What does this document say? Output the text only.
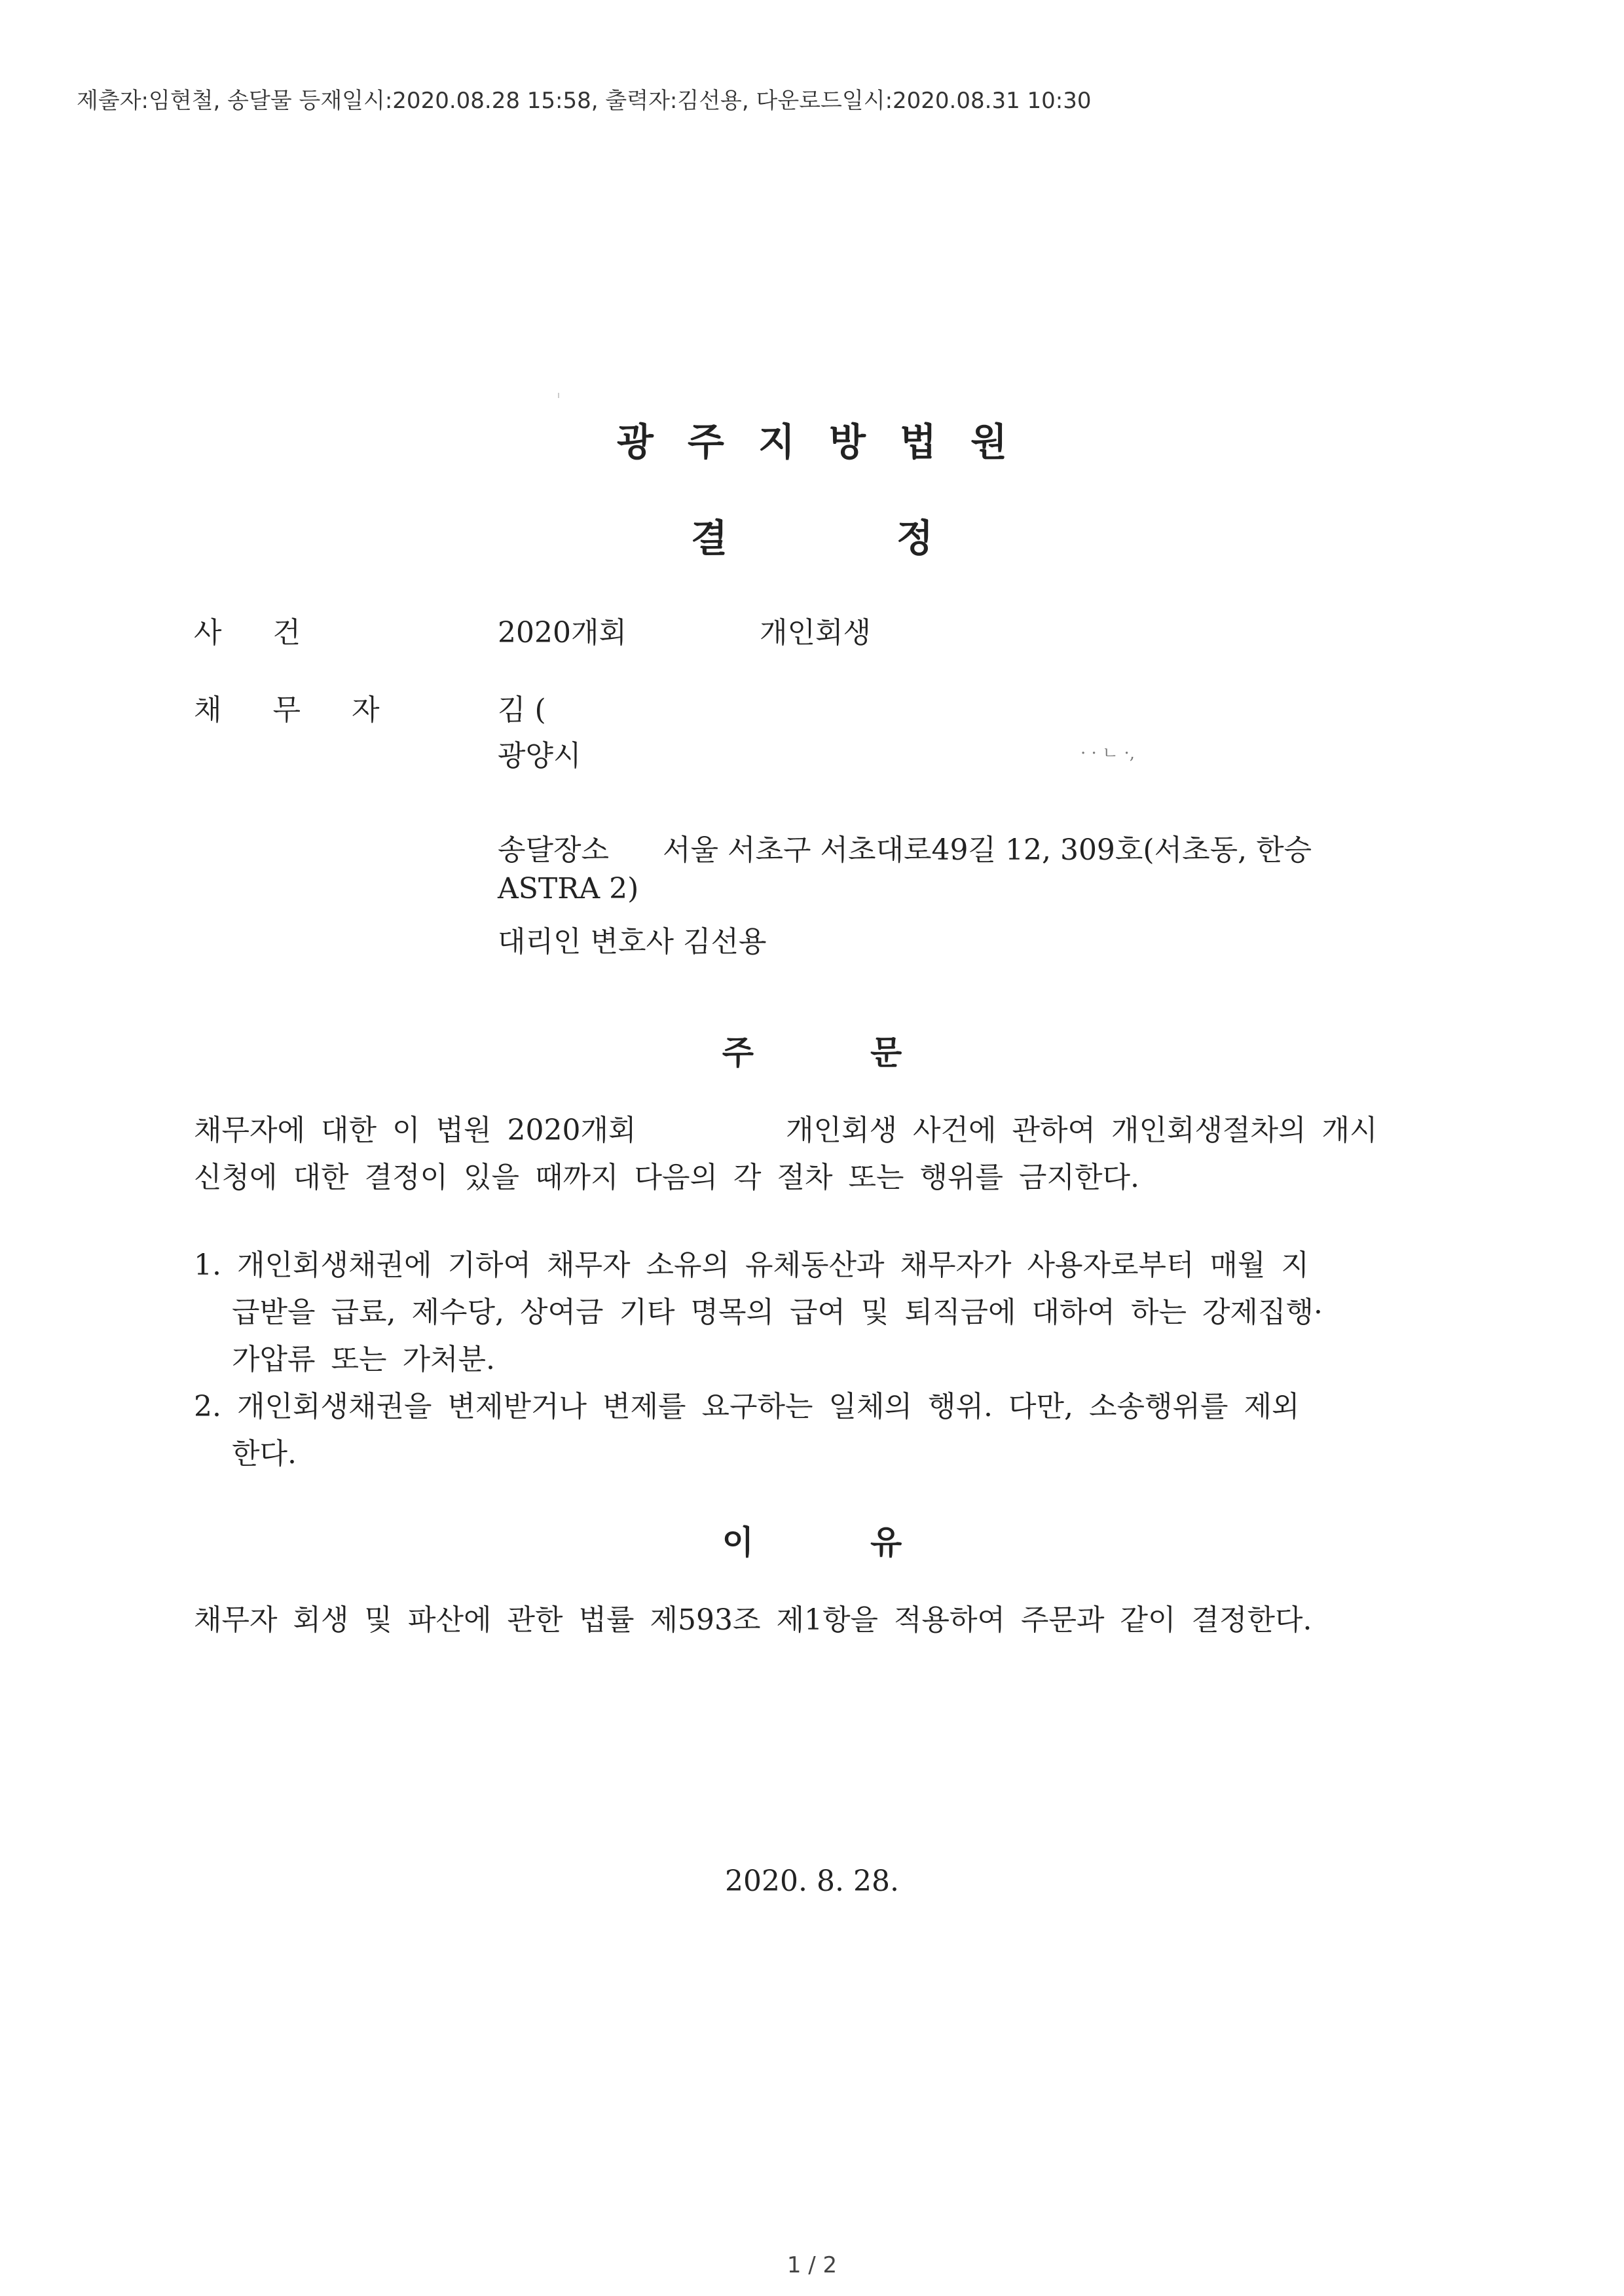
제출자:임현철, 송달물 등재일시:2020.08.28 15:58, 출력자:김선용, 다운로드일시:2020.08.31 10:30
광주지방법원
결정
사건	2020개회	개인회생
채무자 김 (
광양시	· · ㄴ ·,
송달장소 서울 서초구 서초대로49길 12, 309호(서초동, 한승
ASTRA 2)
대리인 변호사 김선용
주문
채무자에 대한 이 법원 2020개회	개인회생 사건에 관하여 개인회생절차의 개시
신청에 대한 결정이 있을 때까지 다음의 각 절차 또는 행위를 금지한다.
1. 개인회생채권에 기하여 채무자 소유의 유체동산과 채무자가 사용자로부터 매월 지
급받을 급료, 제수당, 상여금 기타 명목의 급여 및 퇴직금에 대하여 하는 강제집행·
가압류 또는 가처분.
2. 개인회생채권을 변제받거나 변제를 요구하는 일체의 행위. 다만, 소송행위를 제외
한다.
이유
채무자 회생 및 파산에 관한 법률 제593조 제1항을 적용하여 주문과 같이 결정한다.
2020. 8. 28.
1 / 2
